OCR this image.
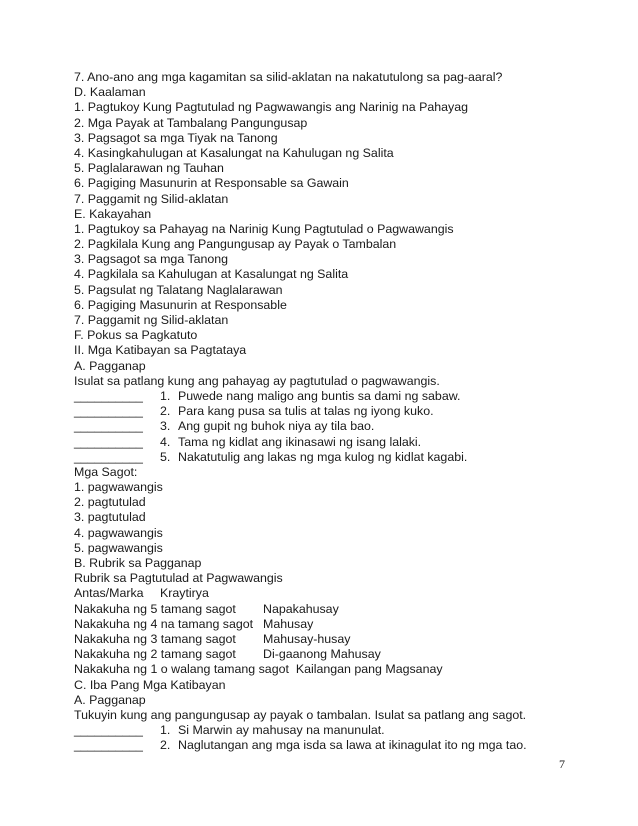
7. Ano-ano ang mga kagamitan sa silid-aklatan na nakatutulong sa pag-aaral?
D. Kaalaman
1. Pagtukoy Kung Pagtutulad ng Pagwawangis ang Narinig na Pahayag
2. Mga Payak at Tambalang Pangungusap
3. Pagsagot sa mga Tiyak na Tanong
4. Kasingkahulugan at Kasalungat na Kahulugan ng Salita
5. Paglalarawan ng Tauhan
6. Pagiging Masunurin at Responsable sa Gawain
7. Paggamit ng Silid-aklatan
E. Kakayahan
1. Pagtukoy sa Pahayag na Narinig Kung Pagtutulad o Pagwawangis
2. Pagkilala Kung ang Pangungusap ay Payak o Tambalan
3. Pagsagot sa mga Tanong
4. Pagkilala sa Kahulugan at Kasalungat ng Salita
5. Pagsulat ng Talatang Naglalarawan
6. Pagiging Masunurin at Responsable
7. Paggamit ng Silid-aklatan
F. Pokus sa Pagkatuto
II. Mga Katibayan sa Pagtataya
A. Pagganap
Isulat sa patlang kung ang pahayag ay pagtutulad o pagwawangis.
__________ 1. Puwede nang maligo ang buntis sa dami ng sabaw.
__________ 2. Para kang pusa sa tulis at talas ng iyong kuko.
__________ 3. Ang gupit ng buhok niya ay tila bao.
__________ 4. Tama ng kidlat ang ikinasawi ng isang lalaki.
__________ 5. Nakatutulig ang lakas ng mga kulog ng kidlat kagabi.
Mga Sagot:
1. pagwawangis
2. pagtutulad
3. pagtutulad
4. pagwawangis
5. pagwawangis
B. Rubrik sa Pagganap
Rubrik sa Pagtutulad at Pagwawangis
Antas/Marka Kraytirya
Nakakuha ng 5 tamang sagot Napakahusay
Nakakuha ng 4 na tamang sagot Mahusay
Nakakuha ng 3 tamang sagot Mahusay-husay
Nakakuha ng 2 tamang sagot Di-gaanong Mahusay
Nakakuha ng 1 o walang tamang sagot Kailangan pang Magsanay
C. Iba Pang Mga Katibayan
A. Pagganap
Tukuyin kung ang pangungusap ay payak o tambalan. Isulat sa patlang ang sagot.
__________ 1. Si Marwin ay mahusay na manunulat.
__________ 2. Naglutangan ang mga isda sa lawa at ikinagulat ito ng mga tao.
7
